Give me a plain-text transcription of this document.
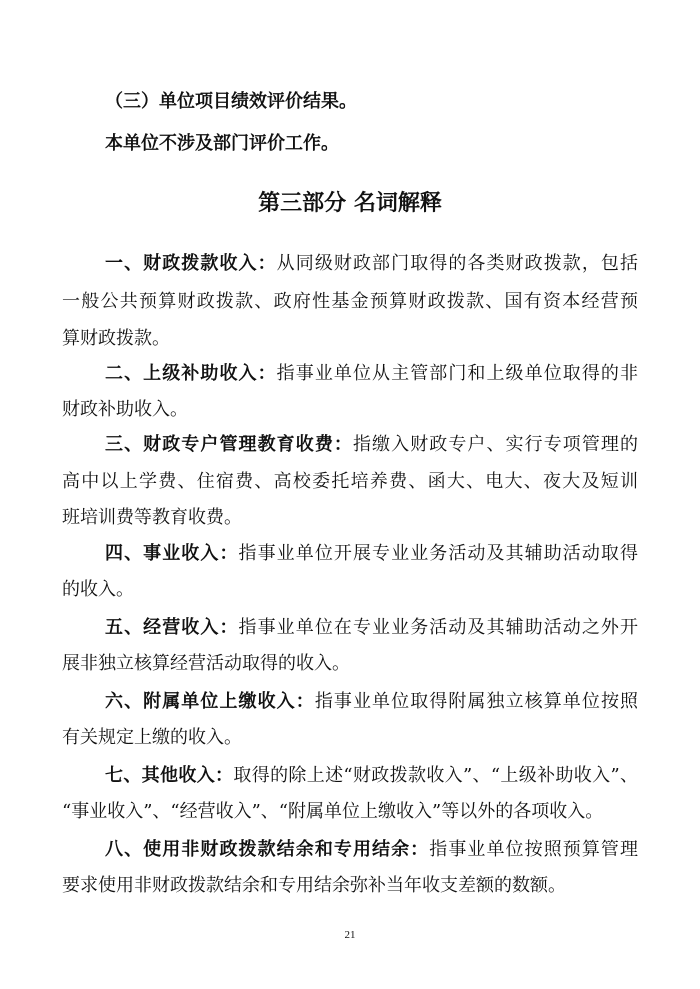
（三）单位项目绩效评价结果。
本单位不涉及部门评价工作。
第三部分 名词解释
一、财政拨款收入：从同级财政部门取得的各类财政拨款，包括
一般公共预算财政拨款、政府性基金预算财政拨款、国有资本经营预
算财政拨款。
二、上级补助收入：指事业单位从主管部门和上级单位取得的非
财政补助收入。
三、财政专户管理教育收费：指缴入财政专户、实行专项管理的
高中以上学费、住宿费、高校委托培养费、函大、电大、夜大及短训
班培训费等教育收费。
四、事业收入：指事业单位开展专业业务活动及其辅助活动取得
的收入。
五、经营收入：指事业单位在专业业务活动及其辅助活动之外开
展非独立核算经营活动取得的收入。
六、附属单位上缴收入：指事业单位取得附属独立核算单位按照
有关规定上缴的收入。
七、其他收入：取得的除上述“财政拨款收入”、“上级补助收入”、
“事业收入”、“经营收入”、“附属单位上缴收入”等以外的各项收入。
八、使用非财政拨款结余和专用结余：指事业单位按照预算管理
要求使用非财政拨款结余和专用结余弥补当年收支差额的数额。
21
